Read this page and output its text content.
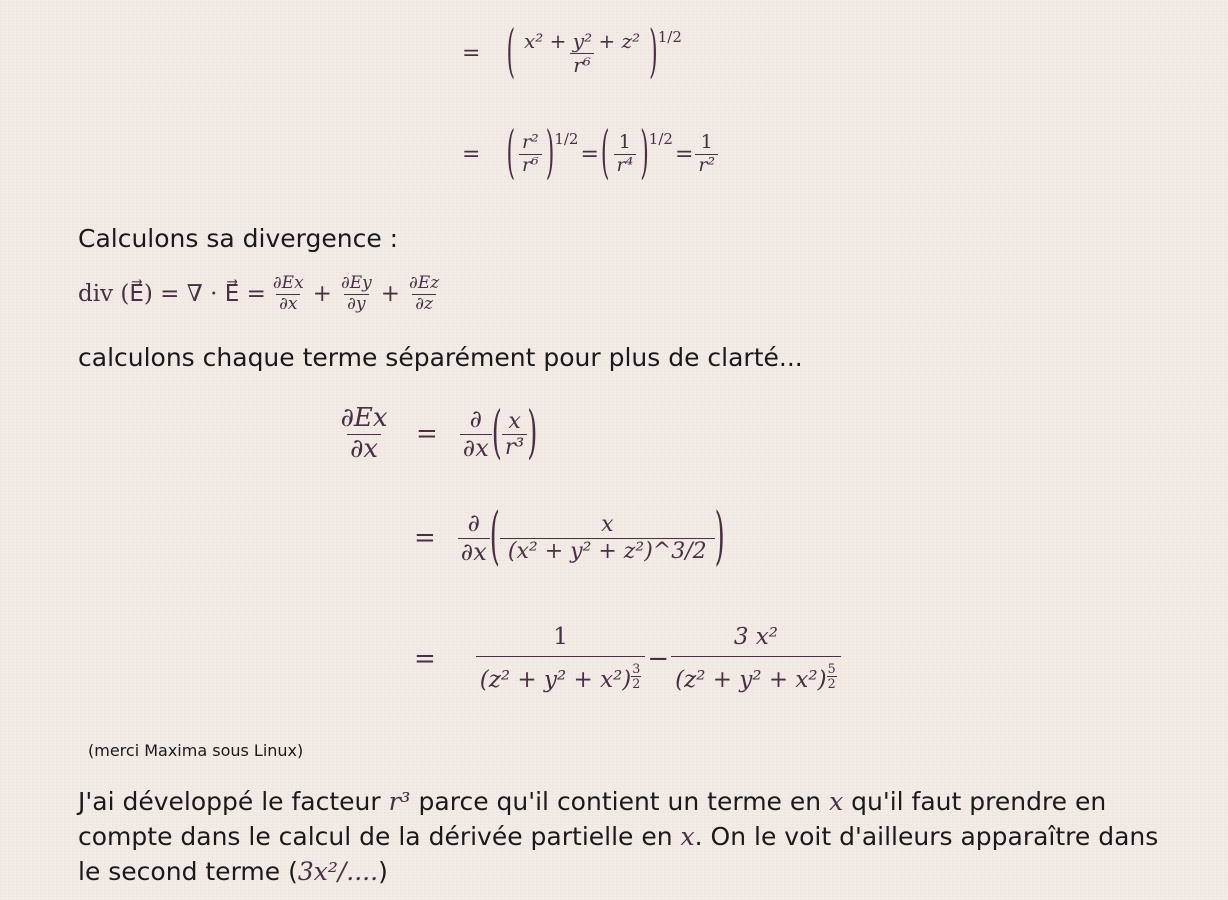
= ( $\frac{\text{x² + y² + z²}}{\text{r⁶}}$ ) 1/2
= ( $\frac{\text{r²}}{\text{r⁶}}$ ) 1/2
= ( $\frac{1}{\text{r⁴}}$ ) 1/2
= $\frac{1}{\text{r²}}$
Calculons sa divergence :
div (E⃗) = ∇ · E⃗ = $\frac{\partial Ex}{\partial x} + \frac{\partial Ey}{\partial y} + \frac{\partial Ez}{\partial z}$
calculons chaque terme séparément pour plus de clarté...
$\frac{\partial Ex}{\partial x} = \frac{\partial}{\partial x}$ ( $\frac{x}{\text{r³}}$ )
= $\frac{\partial}{\partial x}$ ( $\frac{x}{\text{(x² + y² + z²)\textasciicircum{}3/2}}$ )
= $\frac{1}{(z^2 + y^2 + x^2) \frac{3}{2}} - \frac{\text{3 x²}}{(z^2 + y^2 + x^2) \frac{5}{2}}$
(merci Maxima sous Linux)
J'ai développé le facteur r³ parce qu'il contient un terme en x qu'il faut prendre en
compte dans le calcul de la dérivée partielle en x. On le voit d'ailleurs apparaître dans
le second terme (3x²/....)
